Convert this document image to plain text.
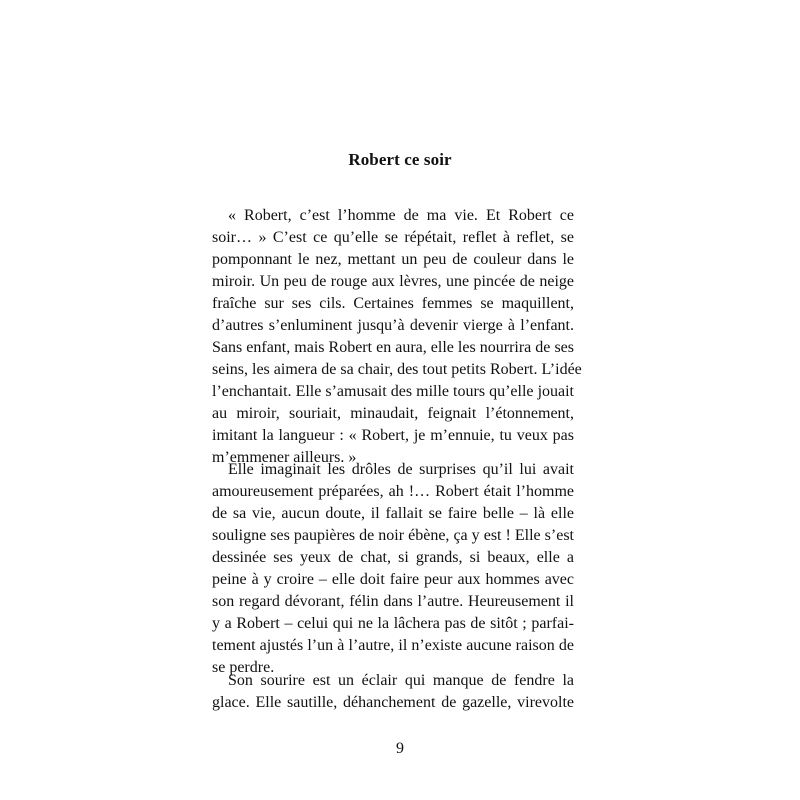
Robert ce soir
« Robert, c’est l’homme de ma vie. Et Robert ce
soir… » C’est ce qu’elle se répétait, reflet à reflet, se
pomponnant le nez, mettant un peu de couleur dans le
miroir. Un peu de rouge aux lèvres, une pincée de neige
fraîche sur ses cils. Certaines femmes se maquillent,
d’autres s’enluminent jusqu’à devenir vierge à l’enfant.
Sans enfant, mais Robert en aura, elle les nourrira de ses
seins, les aimera de sa chair, des tout petits Robert. L’idée
l’enchantait. Elle s’amusait des mille tours qu’elle jouait
au miroir, souriait, minaudait, feignait l’étonnement,
imitant la langueur : « Robert, je m’ennuie, tu veux pas
m’emmener ailleurs. »
Elle imaginait les drôles de surprises qu’il lui avait
amoureusement préparées, ah !… Robert était l’homme
de sa vie, aucun doute, il fallait se faire belle – là elle
souligne ses paupières de noir ébène, ça y est ! Elle s’est
dessinée ses yeux de chat, si grands, si beaux, elle a
peine à y croire – elle doit faire peur aux hommes avec
son regard dévorant, félin dans l’autre. Heureusement il
y a Robert – celui qui ne la lâchera pas de sitôt ; parfai-
tement ajustés l’un à l’autre, il n’existe aucune raison de
se perdre.
Son sourire est un éclair qui manque de fendre la
glace. Elle sautille, déhanchement de gazelle, virevolte
9
